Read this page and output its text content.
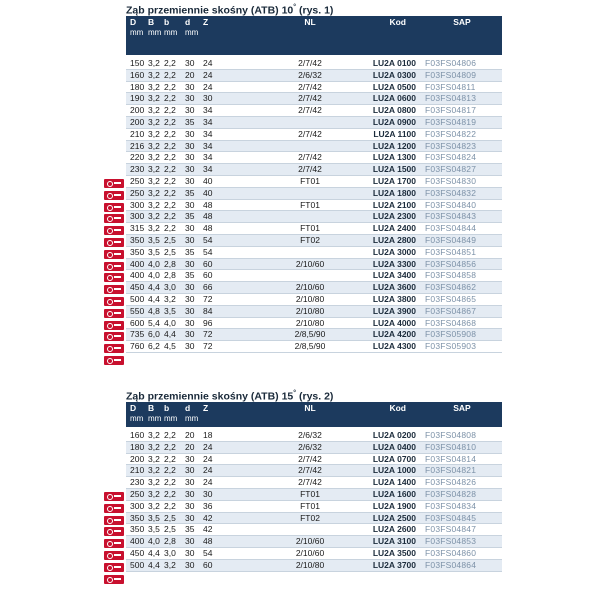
Ząb przemiennie skośny (ATB) 10° (rys. 1)
D	B	b	d	Z		NL	Kod	SAP
mm	mm	mm	mm					

150	3,2	2,2	30	24		2/7/42	LU2A 0100	F03FS04806
160	3,2	2,2	20	24		2/6/32	LU2A 0300	F03FS04809
180	3,2	2,2	30	24		2/7/42	LU2A 0500	F03FS04811
190	3,2	2,2	30	30		2/7/42	LU2A 0600	F03FS04813
200	3,2	2,2	30	34		2/7/42	LU2A 0800	F03FS04817
200	3,2	2,2	35	34			LU2A 0900	F03FS04819
210	3,2	2,2	30	34		2/7/42	LU2A 1100	F03FS04822
216	3,2	2,2	30	34			LU2A 1200	F03FS04823
220	3,2	2,2	30	34		2/7/42	LU2A 1300	F03FS04824
230	3,2	2,2	30	34		2/7/42	LU2A 1500	F03FS04827
250	3,2	2,2	30	40		FT01	LU2A 1700	F03FS04830
250	3,2	2,2	35	40			LU2A 1800	F03FS04832
300	3,2	2,2	30	48		FT01	LU2A 2100	F03FS04840
300	3,2	2,2	35	48			LU2A 2300	F03FS04843
315	3,2	2,2	30	48		FT01	LU2A 2400	F03FS04844
350	3,5	2,5	30	54		FT02	LU2A 2800	F03FS04849
350	3,5	2,5	35	54			LU2A 3000	F03FS04851
400	4,0	2,8	30	60		2/10/60	LU2A 3300	F03FS04856
400	4,0	2,8	35	60			LU2A 3400	F03FS04858
450	4,4	3,0	30	66		2/10/60	LU2A 3600	F03FS04862
500	4,4	3,2	30	72		2/10/80	LU2A 3800	F03FS04865
550	4,8	3,5	30	84		2/10/80	LU2A 3900	F03FS04867
600	5,4	4,0	30	96		2/10/80	LU2A 4000	F03FS04868
735	6,0	4,4	30	72		2/8,5/90	LU2A 4200	F03FS05908
760	6,2	4,5	30	72		2/8,5/90	LU2A 4300	F03FS05903
Ząb przemiennie skośny (ATB) 15° (rys. 2)
D	B	b	d	Z		NL	Kod	SAP
mm	mm	mm	mm					

160	3,2	2,2	20	18		2/6/32	LU2A 0200	F03FS04808
180	3,2	2,2	20	24		2/6/32	LU2A 0400	F03FS04810
200	3,2	2,2	30	24		2/7/42	LU2A 0700	F03FS04814
210	3,2	2,2	30	24		2/7/42	LU2A 1000	F03FS04821
230	3,2	2,2	30	24		2/7/42	LU2A 1400	F03FS04826
250	3,2	2,2	30	30		FT01	LU2A 1600	F03FS04828
300	3,2	2,2	30	36		FT01	LU2A 1900	F03FS04834
350	3,5	2,5	30	42		FT02	LU2A 2500	F03FS04845
350	3,5	2,5	35	42			LU2A 2600	F03FS04847
400	4,0	2,8	30	48		2/10/60	LU2A 3100	F03FS04853
450	4,4	3,0	30	54		2/10/60	LU2A 3500	F03FS04860
500	4,4	3,2	30	60		2/10/80	LU2A 3700	F03FS04864
